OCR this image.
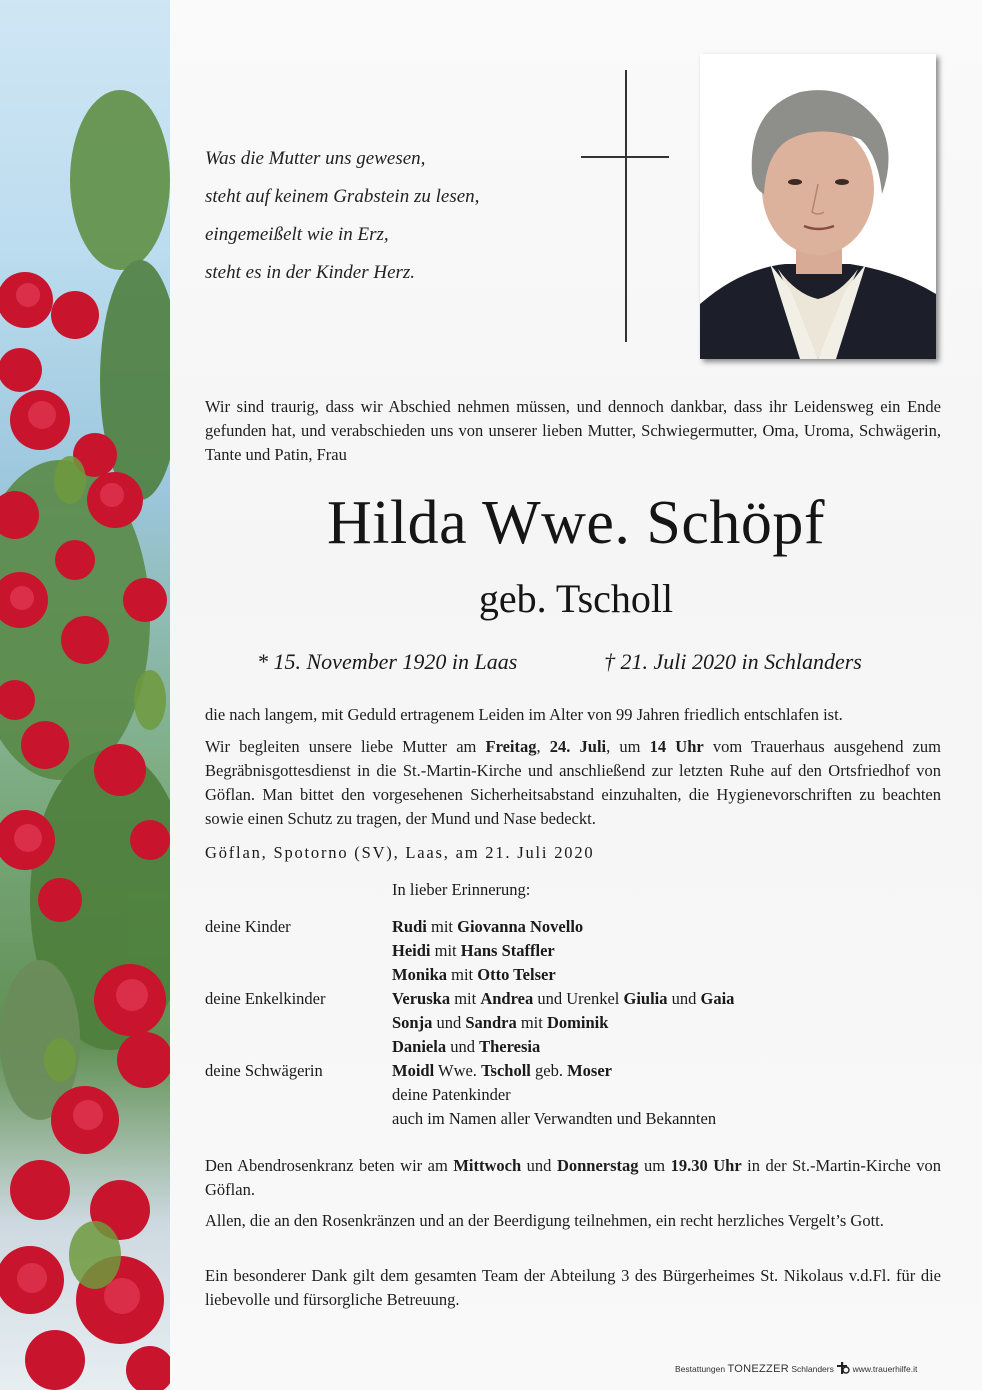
Was die Mutter uns gewesen,
steht auf keinem Grabstein zu lesen,
eingemeißelt wie in Erz,
steht es in der Kinder Herz.
Wir sind traurig, dass wir Abschied nehmen müssen, und dennoch dankbar, dass ihr Leidensweg ein Ende gefunden hat, und verabschieden uns von unserer lieben Mutter, Schwiegermutter, Oma, Uroma, Schwägerin, Tante und Patin, Frau
Hilda Wwe. Schöpf
geb. Tscholl
* 15. November 1920 in Laas	† 21. Juli 2020 in Schlanders
die nach langem, mit Geduld ertragenem Leiden im Alter von 99 Jahren friedlich entschlafen ist.
Wir begleiten unsere liebe Mutter am Freitag, 24. Juli, um 14 Uhr vom Trauerhaus ausgehend zum Begräbnisgottesdienst in die St.-Martin-Kirche und anschließend zur letzten Ruhe auf den Ortsfriedhof von Göflan. Man bittet den vorgesehenen Sicherheitsabstand einzuhalten, die Hygienevorschriften zu beachten sowie einen Schutz zu tragen, der Mund und Nase bedeckt.
Göflan, Spotorno (SV), Laas, am 21. Juli 2020
In lieber Erinnerung:
deine Kinder	Rudi mit Giovanna Novello
Heidi mit Hans Staffler
Monika mit Otto Telser
deine Enkelkinder	Veruska mit Andrea und Urenkel Giulia und Gaia
Sonja und Sandra mit Dominik
Daniela und Theresia
deine Schwägerin	Moidl Wwe. Tscholl geb. Moser
deine Patenkinder
auch im Namen aller Verwandten und Bekannten
Den Abendrosenkranz beten wir am Mittwoch und Donnerstag um 19.30 Uhr in der St.-Martin-Kirche von Göflan.
Allen, die an den Rosenkränzen und an der Beerdigung teilnehmen, ein recht herzliches Vergelt’s Gott.
Ein besonderer Dank gilt dem gesamten Team der Abteilung 3 des Bürgerheimes St. Nikolaus v.d.Fl. für die liebevolle und fürsorgliche Betreuung.
Bestattungen TONEZZER Schlanders www.trauerhilfe.it
